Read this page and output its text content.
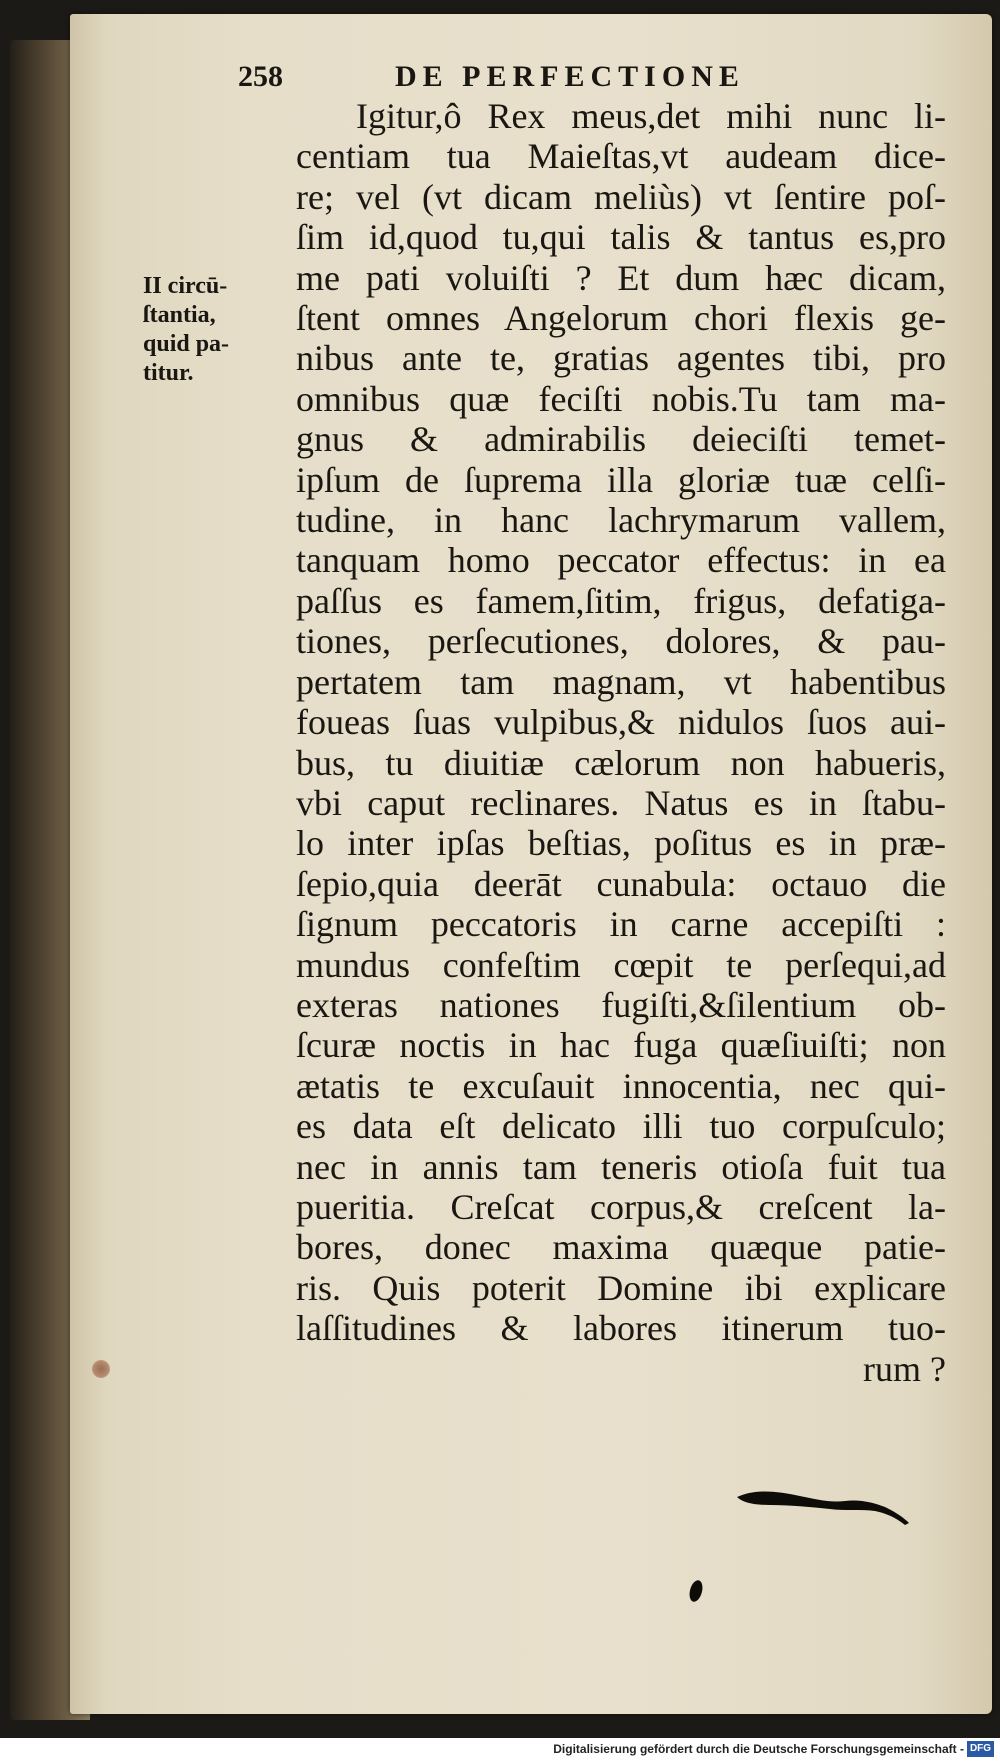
258	DE PERFECTIONE
II circū-
ſtantia,
quid pa-
titur.
Igitur,ô Rex meus,det mihi nunc li-
centiam tua Maieſtas,vt audeam dice-
re; vel (vt dicam meliùs) vt ſentire poſ-
ſim id,quod tu,qui talis & tantus es,pro
me pati voluiſti ? Et dum hæc dicam,
ſtent omnes Angelorum chori flexis ge-
nibus ante te, gratias agentes tibi, pro
omnibus quæ feciſti nobis.Tu tam ma-
gnus & admirabilis deieciſti temet-
ipſum de ſuprema illa gloriæ tuæ celſi-
tudine, in hanc lachrymarum vallem,
tanquam homo peccator effectus: in ea
paſſus es famem,ſitim, frigus, defatiga-
tiones, perſecutiones, dolores, & pau-
pertatem tam magnam, vt habentibus
foueas ſuas vulpibus,& nidulos ſuos aui-
bus, tu diuitiæ cælorum non habueris,
vbi caput reclinares. Natus es in ſtabu-
lo inter ipſas beſtias, poſitus es in præ-
ſepio,quia deerāt cunabula: octauo die
ſignum peccatoris in carne accepiſti :
mundus confeſtim cœpit te perſequi,ad
exteras nationes fugiſti,&ſilentium ob-
ſcuræ noctis in hac fuga quæſiuiſti; non
ætatis te excuſauit innocentia, nec qui-
es data eſt delicato illi tuo corpuſculo;
nec in annis tam teneris otioſa fuit tua
pueritia. Creſcat corpus,& creſcent la-
bores, donec maxima quæque patie-
ris. Quis poterit Domine ibi explicare
laſſitudines & labores itinerum tuo-
rum ?
Digitalisierung gefördert durch die Deutsche Forschungsgemeinschaft - DFG
